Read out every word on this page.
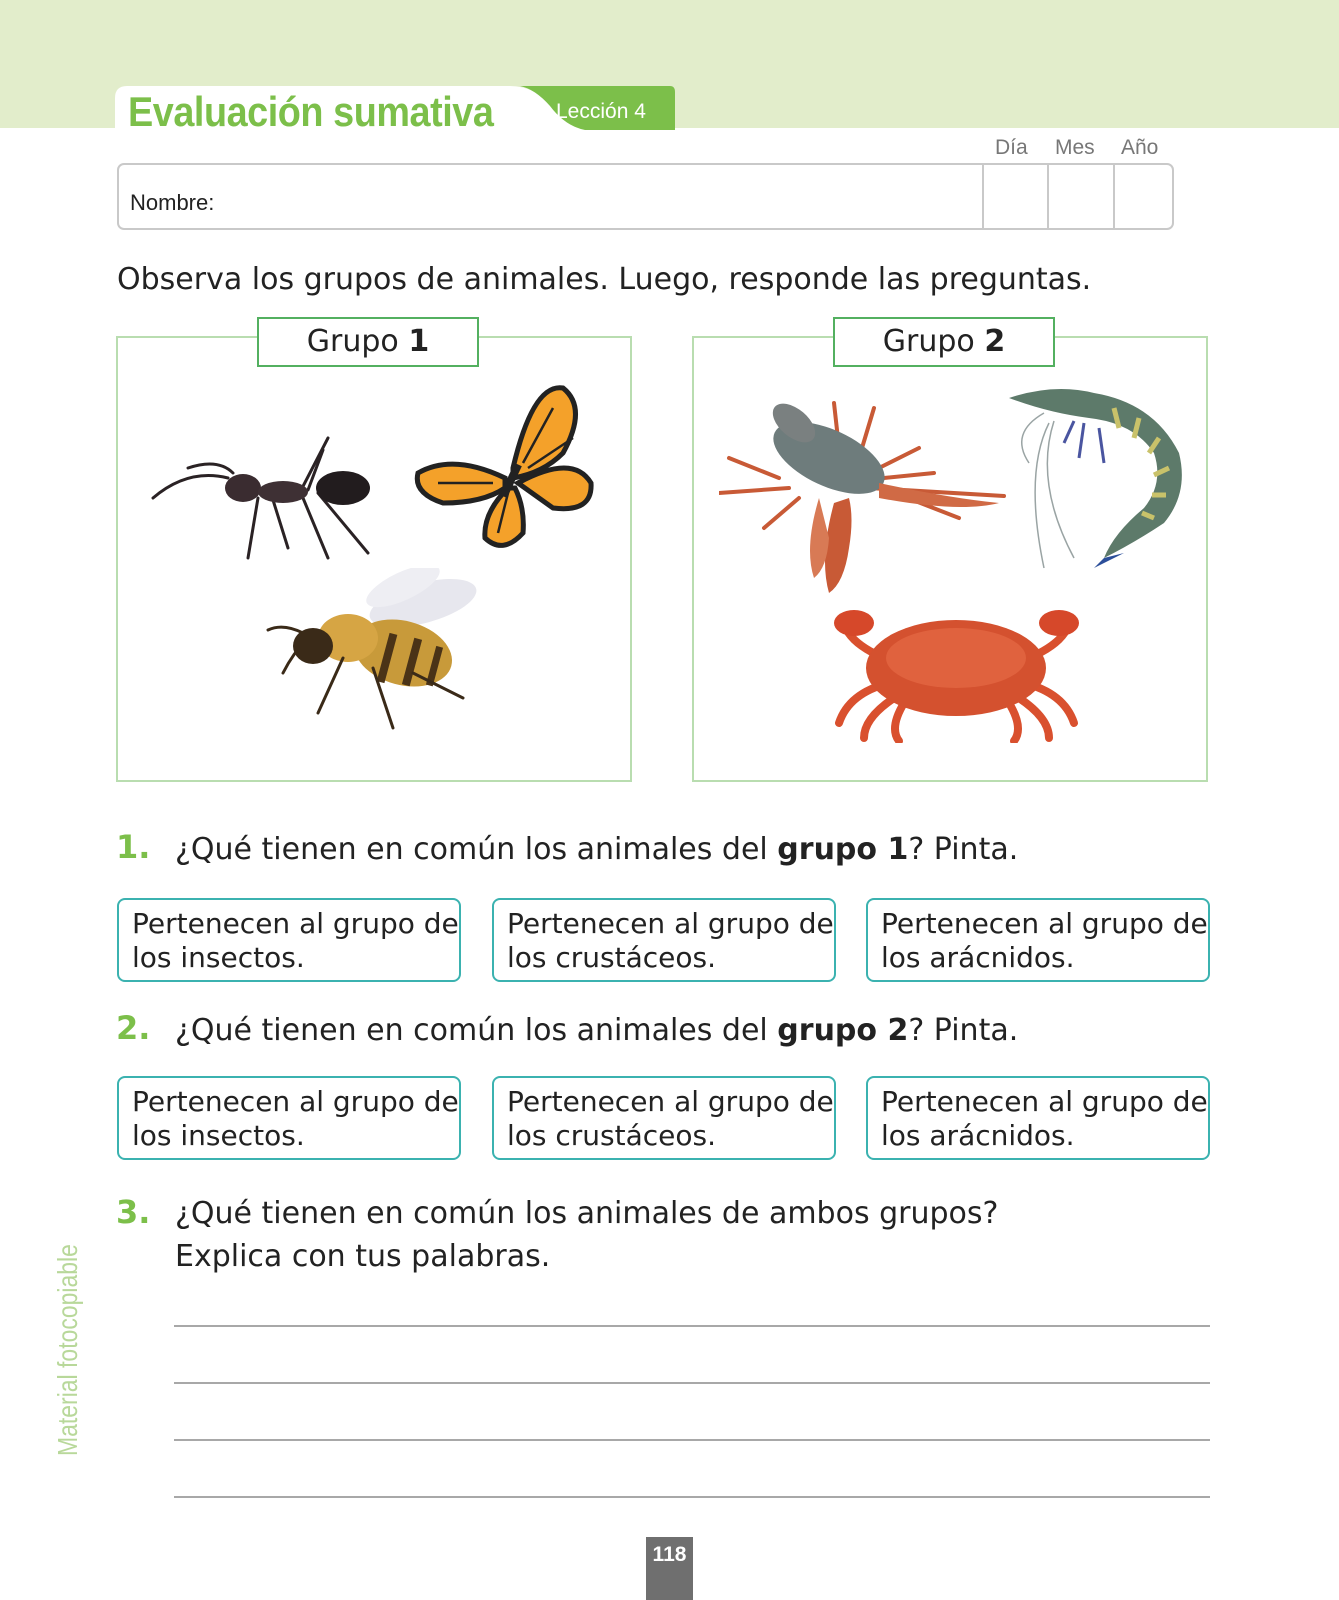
Evaluación sumativa	Lección 4
Día Mes Año
Nombre:
Observa los grupos de animales. Luego, responde las preguntas.
Grupo 1	Grupo 2
1. ¿Qué tienen en común los animales del grupo 1? Pinta.
Pertenecen al grupo de
los insectos.
Pertenecen al grupo de
los crustáceos.
Pertenecen al grupo de
los arácnidos.
2. ¿Qué tienen en común los animales del grupo 2? Pinta.
Pertenecen al grupo de
los insectos.
Pertenecen al grupo de
los crustáceos.
Pertenecen al grupo de
los arácnidos.
3. ¿Qué tienen en común los animales de ambos grupos?
Explica con tus palabras.
Material fotocopiable
118
